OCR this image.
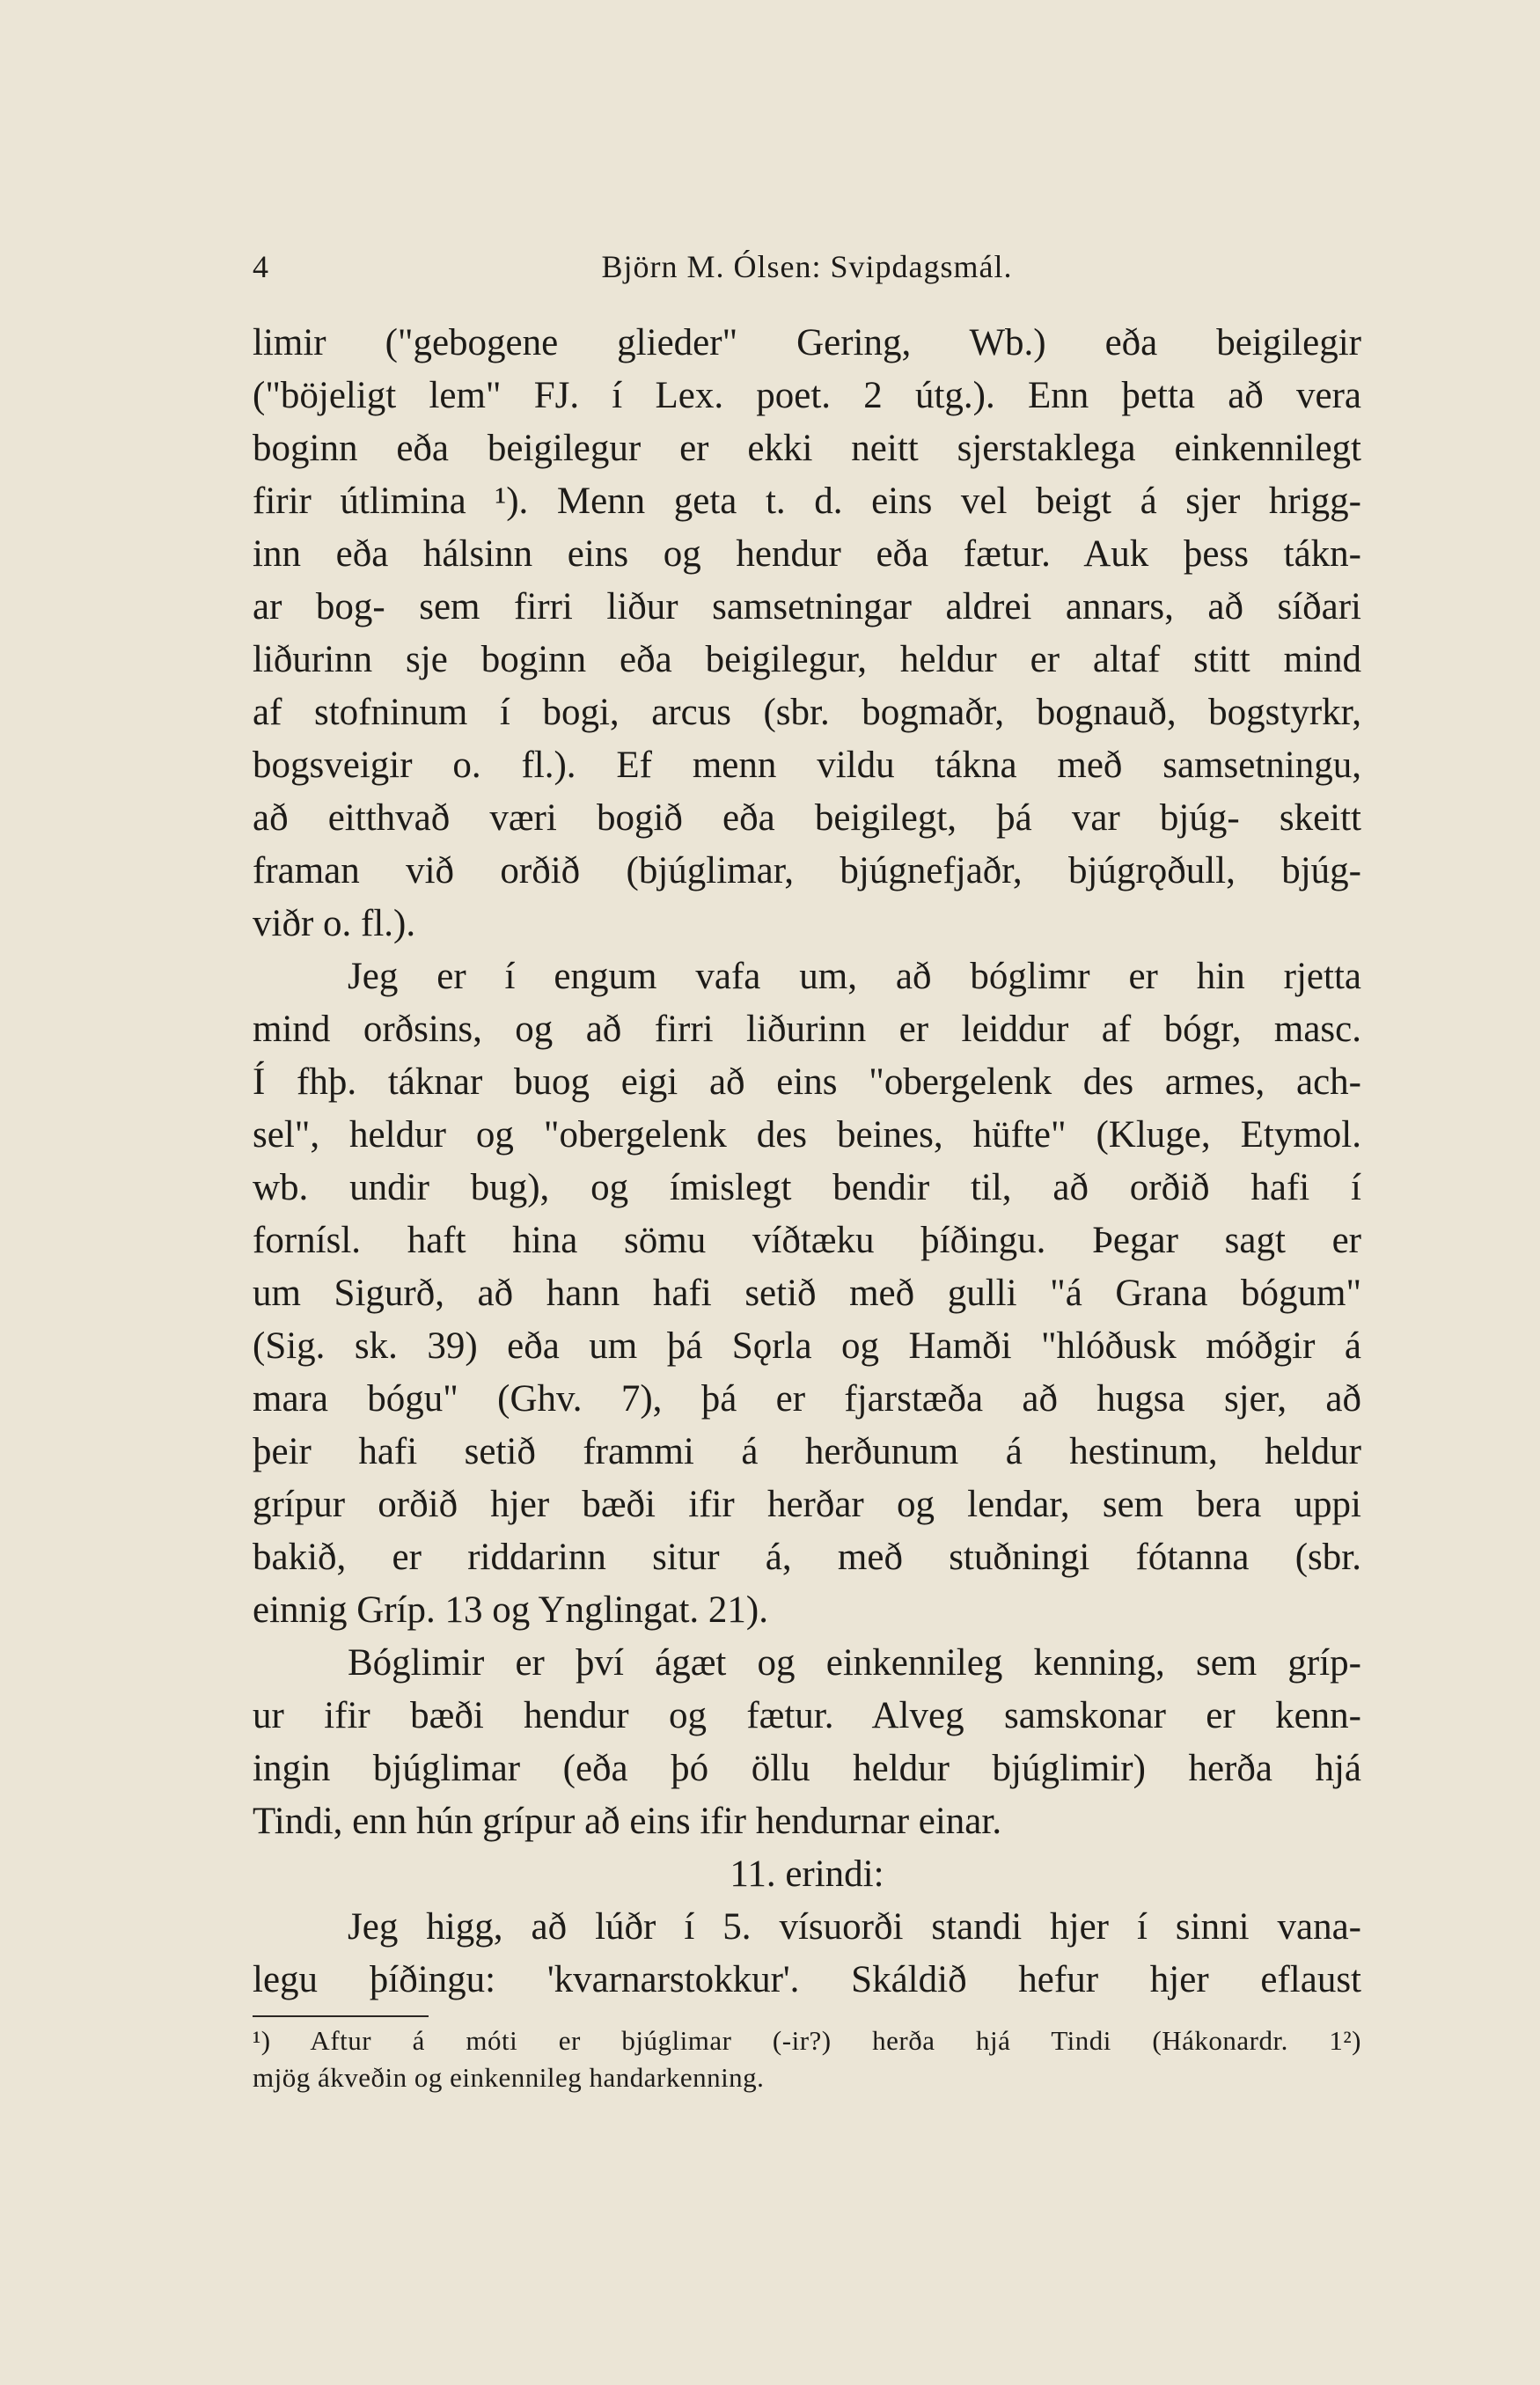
4	Björn M. Ólsen: Svipdagsmál.
limir ("gebogene glieder" Gering, Wb.) eða beigilegir
("böjeligt lem" FJ. í Lex. poet. 2 útg.). Enn þetta að vera
boginn eða beigilegur er ekki neitt sjerstaklega einkennilegt
firir útlimina ¹). Menn geta t. d. eins vel beigt á sjer hrigg-
inn eða hálsinn eins og hendur eða fætur. Auk þess tákn-
ar bog- sem firri liður samsetningar aldrei annars, að síðari
liðurinn sje boginn eða beigilegur, heldur er altaf stitt mind
af stofninum í bogi, arcus (sbr. bogmaðr, bognauð, bogstyrkr,
bogsveigir o. fl.). Ef menn vildu tákna með samsetningu,
að eitthvað væri bogið eða beigilegt, þá var bjúg- skeitt
framan við orðið (bjúglimar, bjúgnefjaðr, bjúgrǫðull, bjúg-
viðr o. fl.).
Jeg er í engum vafa um, að bóglimr er hin rjetta
mind orðsins, og að firri liðurinn er leiddur af bógr, masc.
Í fhþ. táknar buog eigi að eins "obergelenk des armes, ach-
sel", heldur og "obergelenk des beines, hüfte" (Kluge, Etymol.
wb. undir bug), og ímislegt bendir til, að orðið hafi í
fornísl. haft hina sömu víðtæku þíðingu. Þegar sagt er
um Sigurð, að hann hafi setið með gulli "á Grana bógum"
(Sig. sk. 39) eða um þá Sǫrla og Hamði "hlóðusk móðgir á
mara bógu" (Ghv. 7), þá er fjarstæða að hugsa sjer, að
þeir hafi setið frammi á herðunum á hestinum, heldur
grípur orðið hjer bæði ifir herðar og lendar, sem bera uppi
bakið, er riddarinn situr á, með stuðningi fótanna (sbr.
einnig Gríp. 13 og Ynglingat. 21).
Bóglimir er því ágæt og einkennileg kenning, sem gríp-
ur ifir bæði hendur og fætur. Alveg samskonar er kenn-
ingin bjúglimar (eða þó öllu heldur bjúglimir) herða hjá
Tindi, enn hún grípur að eins ifir hendurnar einar.
11. erindi:
Jeg higg, að lúðr í 5. vísuorði standi hjer í sinni vana-
legu þíðingu: 'kvarnarstokkur'. Skáldið hefur hjer eflaust
¹) Aftur á móti er bjúglimar (-ir?) herða hjá Tindi (Hákonardr. 1²)
mjög ákveðin og einkennileg handarkenning.
